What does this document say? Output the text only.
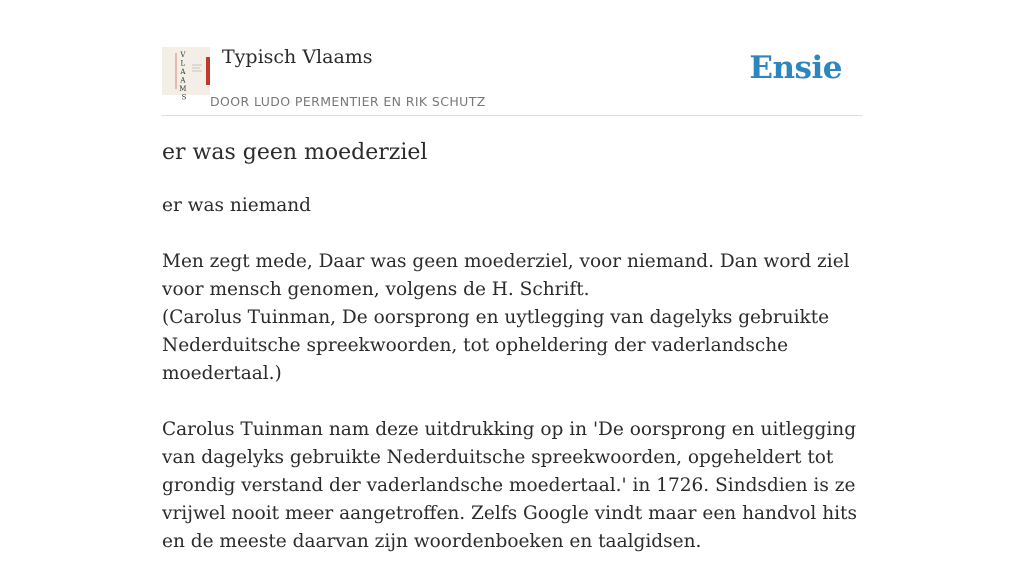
V L A A M S
Typisch Vlaams
DOOR LUDO PERMENTIER EN RIK SCHUTZ
Ensie
er was geen moederziel

er was niemand

Men zegt mede, Daar was geen moederziel, voor niemand. Dan word ziel voor mensch genomen, volgens de H. Schrift.
(Carolus Tuinman, De oorsprong en uytlegging van dagelyks gebruikte Nederduitsche spreekwoorden, tot opheldering der vaderlandsche moedertaal.)

Carolus Tuinman nam deze uitdrukking op in 'De oorsprong en uitlegging van dagelyks gebruikte Nederduitsche spreekwoorden, opgeheldert tot grondig verstand der vaderlandsche moedertaal.' in 1726. Sindsdien is ze vrijwel nooit meer aangetroffen. Zelfs Google vindt maar een handvol hits en de meeste daarvan zijn woordenboeken en taalgidsen.
